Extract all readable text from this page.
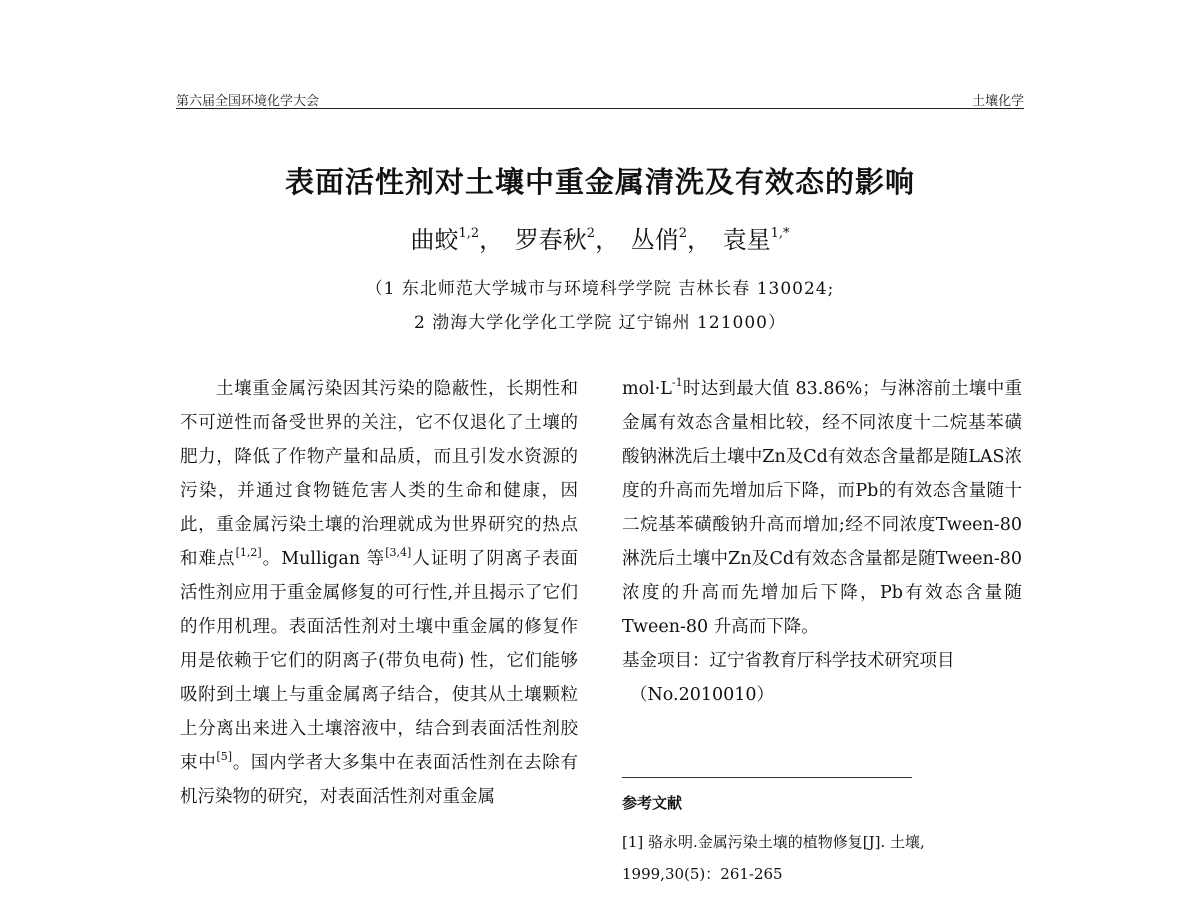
第六届全国环境化学大会	土壤化学
表面活性剂对土壤中重金属清洗及有效态的影响
曲蛟$^{1,2}$， 罗春秋$^2$， 丛俏$^2$， 袁星$^{1,*}$
（1 东北师范大学城市与环境科学学院 吉林长春 130024;
2 渤海大学化学化工学院 辽宁锦州 121000）

土壤重金属污染因其污染的隐蔽性，长期性和不可逆性而备受世界的关注，它不仅退化了土壤的肥力，降低了作物产量和品质，而且引发水资源的污染，并通过食物链危害人类的生命和健康，因此，重金属污染土壤的治理就成为世界研究的热点和难点[1,2]。Mulligan 等[3,4]人证明了阴离子表面活性剂应用于重金属修复的可行性,并且揭示了它们的作用机理。表面活性剂对土壤中重金属的修复作用是依赖于它们的阴离子(带负电荷) 性，它们能够吸附到土壤上与重金属离子结合，使其从土壤颗粒上分离出来进入土壤溶液中，结合到表面活性剂胶束中[5]。国内学者大多集中在表面活性剂在去除有机污染物的研究，对表面活性剂对重金属

$mol\cdot L^{-1}$时达到最大值 83.86%；与淋溶前土壤中重金属有效态含量相比较，经不同浓度十二烷基苯磺酸钠淋洗后土壤中Zn及Cd有效态含量都是随LAS浓度的升高而先增加后下降，而Pb的有效态含量随十二烷基苯磺酸钠升高而增加;经不同浓度Tween-80 淋洗后土壤中Zn及Cd有效态含量都是随Tween-80 浓度的升高而先增加后下降，Pb有效态含量随Tween-80 升高而下降。

基金项目：辽宁省教育厅科学技术研究项目
（No.2010010）

参考文献
[1] 骆永明.金属污染土壤的植物修复[J]. 土壤, 1999,30(5)：261-265
